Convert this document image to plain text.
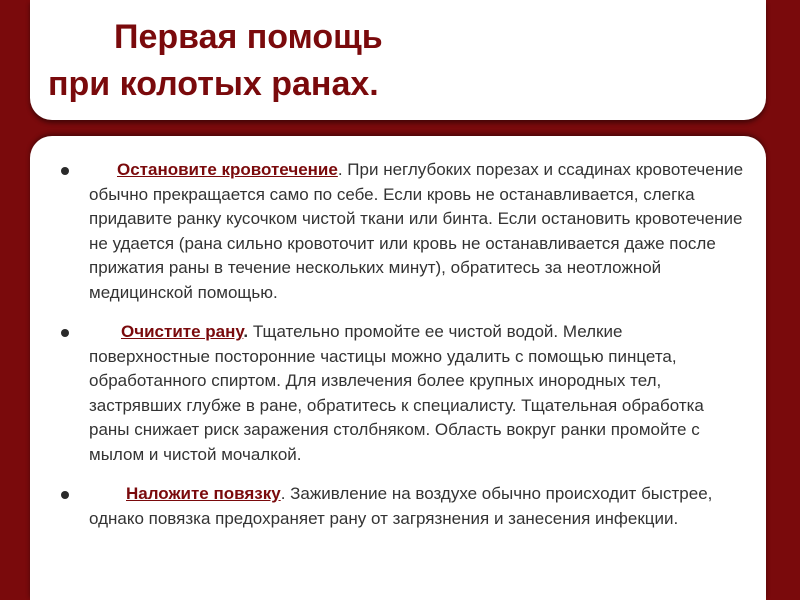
Первая помощь
при колотых ранах.
Остановите кровотечение. При неглубоких порезах и ссадинах кровотечение обычно прекращается само по себе. Если кровь не останавливается, слегка придавите ранку кусочком чистой ткани или бинта. Если остановить кровотечение не удается (рана сильно кровоточит или кровь не останавливается даже после прижатия раны в течение нескольких минут), обратитесь за неотложной медицинской помощью.
Очистите рану. Тщательно промойте ее чистой водой. Мелкие поверхностные посторонние частицы можно удалить с помощью пинцета, обработанного спиртом. Для извлечения более крупных инородных тел, застрявших глубже в ране, обратитесь к специалисту. Тщательная обработка раны снижает риск заражения столбняком. Область вокруг ранки промойте с мылом и чистой мочалкой.
Наложите повязку. Заживление на воздухе обычно происходит быстрее, однако повязка предохраняет рану от загрязнения и занесения инфекции.
